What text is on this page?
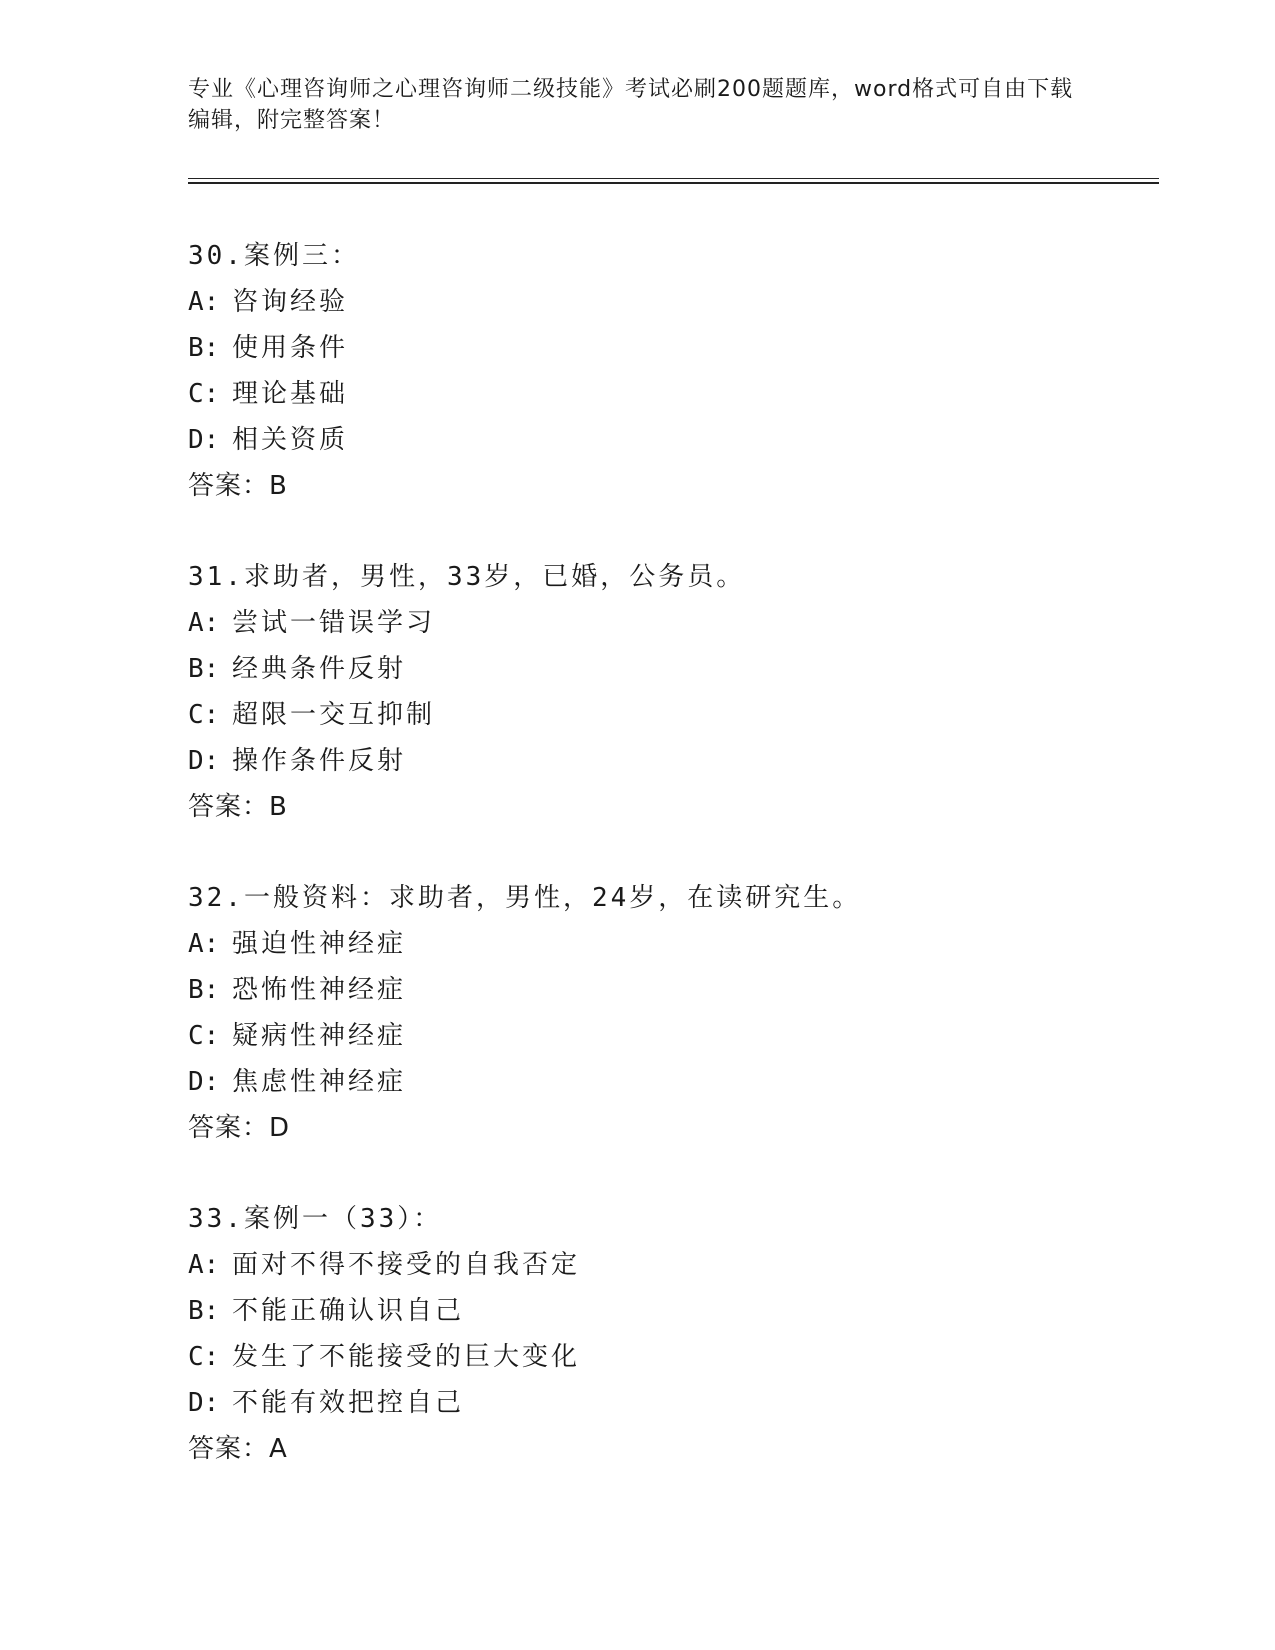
专业《心理咨询师之心理咨询师二级技能》考试必刷200题题库，word格式可自由下载编辑，附完整答案！
30.案例三：
A: 咨询经验
B: 使用条件
C: 理论基础
D: 相关资质
答案：B
31.求助者，男性，33岁，已婚，公务员。
A: 尝试一错误学习
B: 经典条件反射
C: 超限一交互抑制
D: 操作条件反射
答案：B
32.一般资料：求助者，男性，24岁，在读研究生。
A: 强迫性神经症
B: 恐怖性神经症
C: 疑病性神经症
D: 焦虑性神经症
答案：D
33.案例一（33）：
A: 面对不得不接受的自我否定
B: 不能正确认识自己
C: 发生了不能接受的巨大变化
D: 不能有效把控自己
答案：A
